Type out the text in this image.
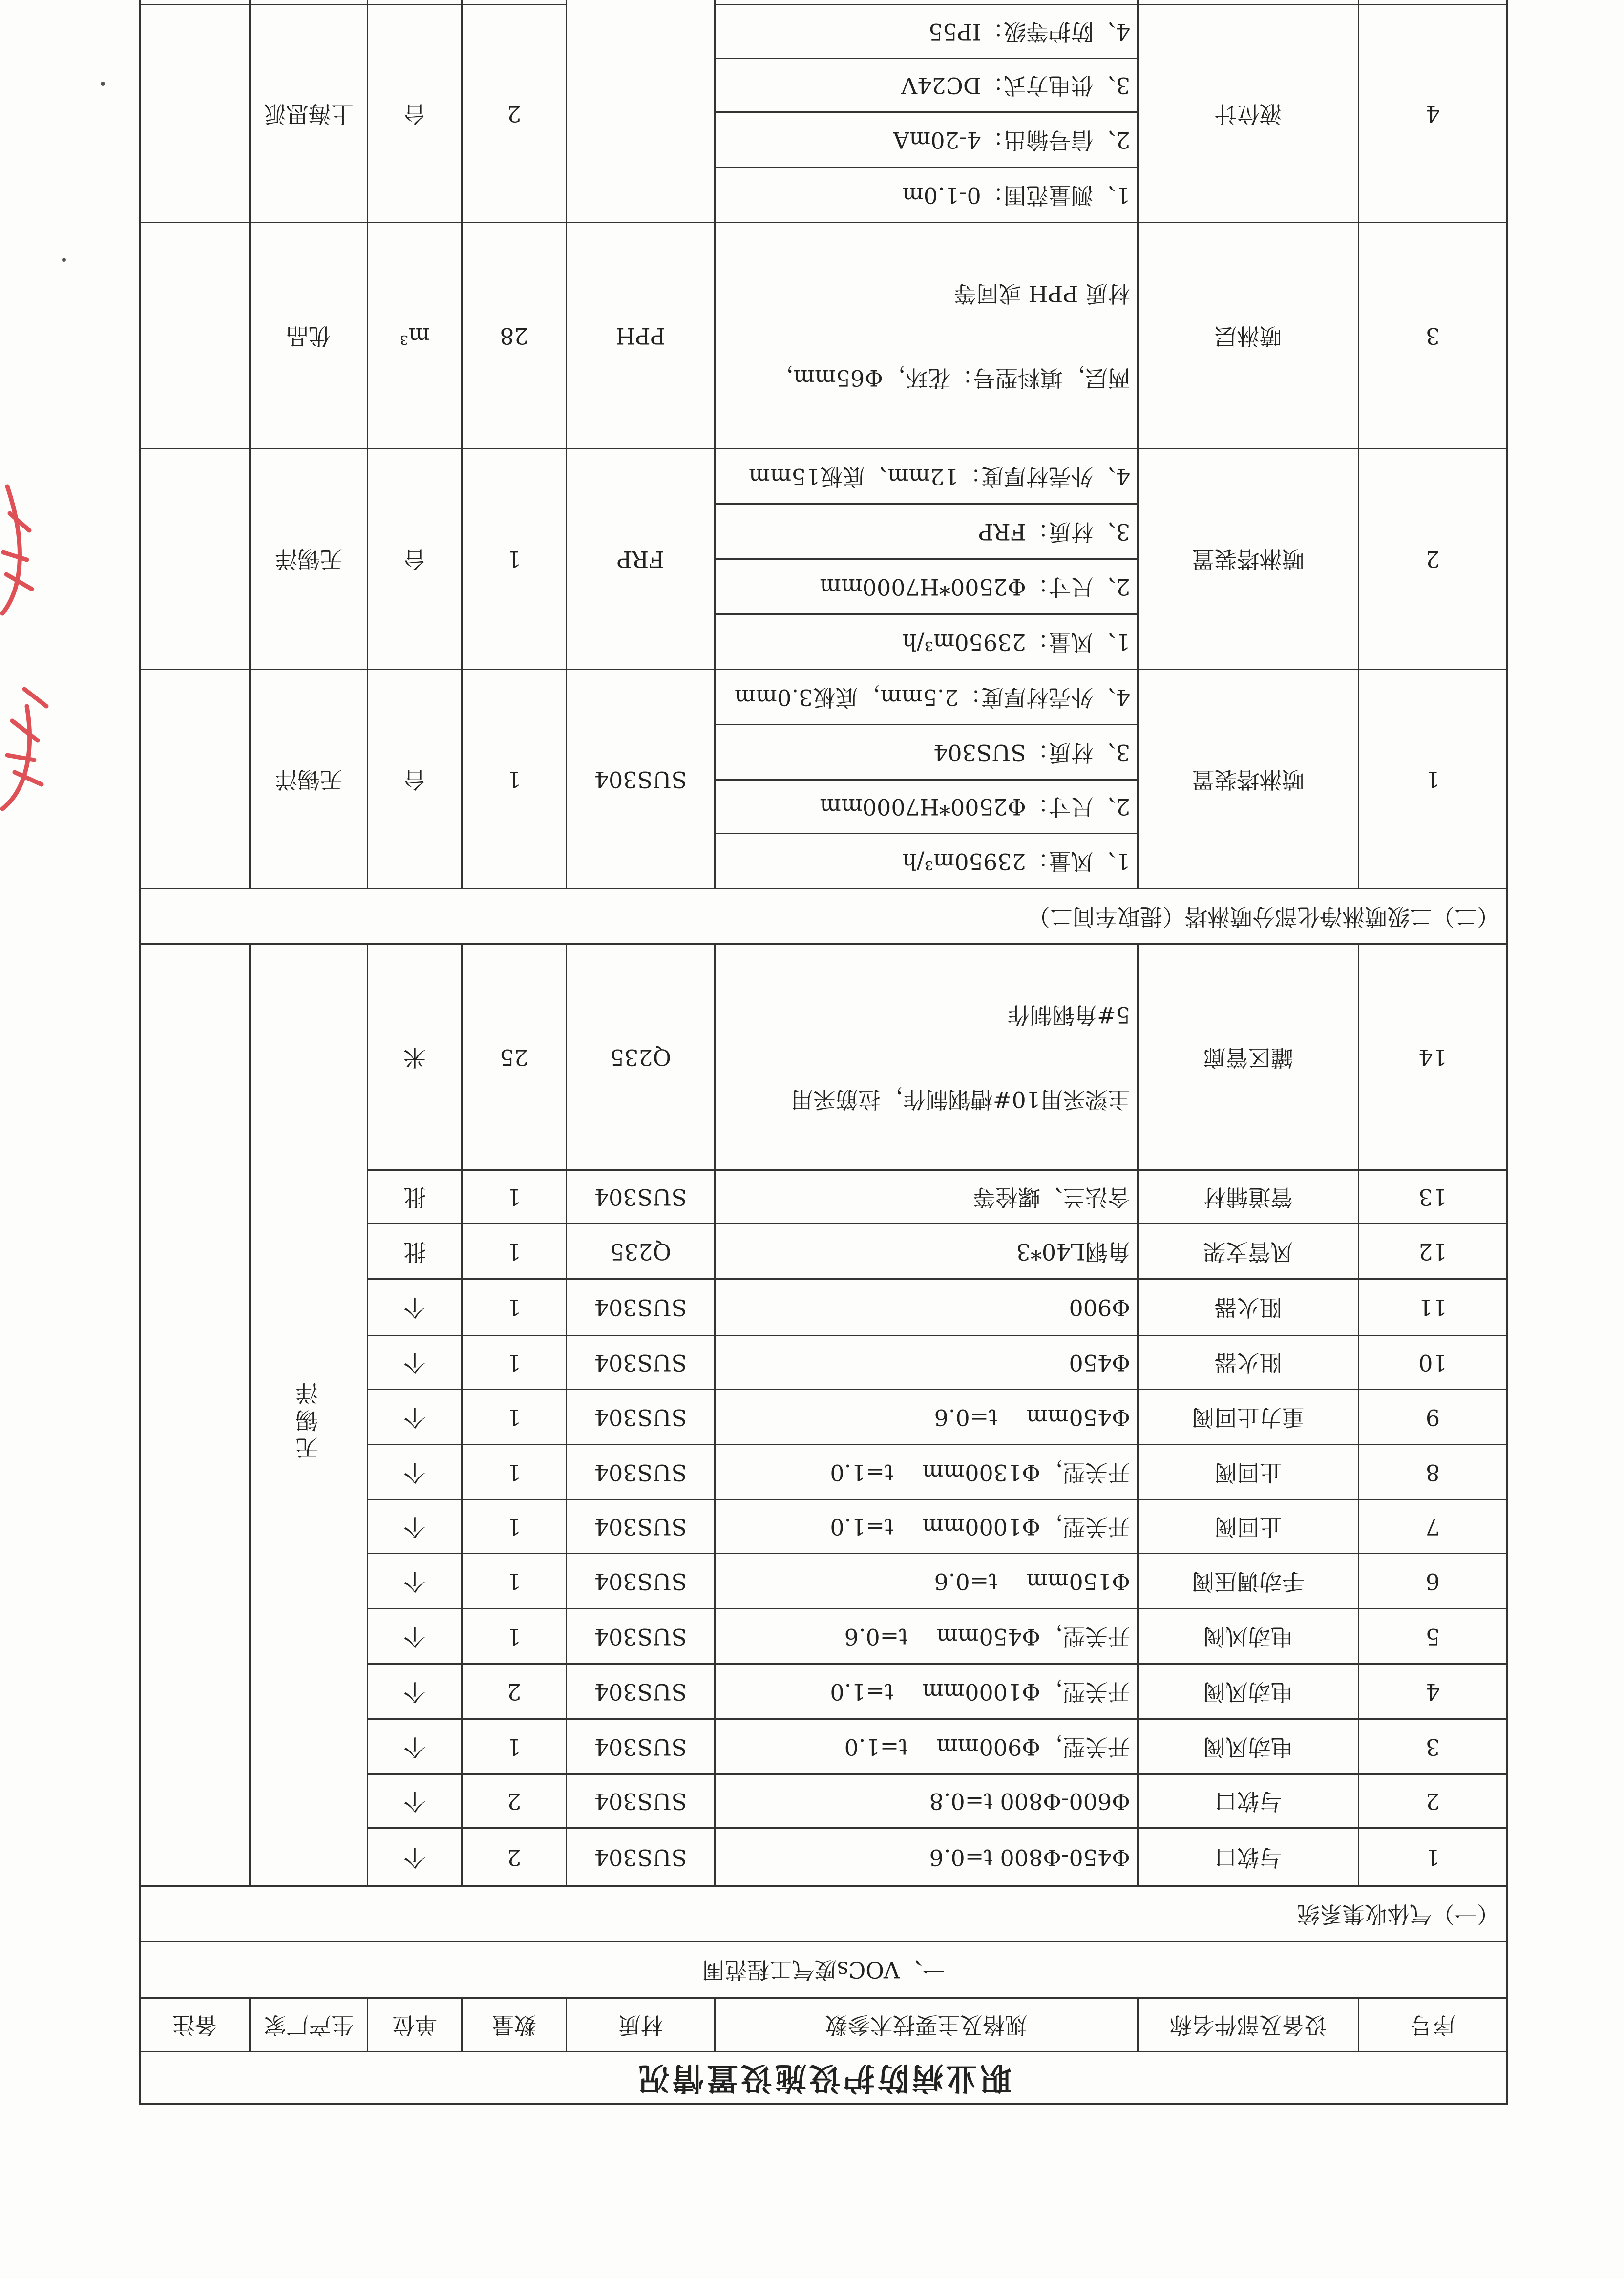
职业病防护设施设置情况							
序号	设备及部件名称	规格及主要技术参数	材质	数量	单位	生产厂家	备注
一、VOCs废气工程范围							
（一）气体收集系统							
1	与软口	Φ450-Φ800 t=0.6	SUS304	2	个	无锡洋	
2	与软口	Φ600-Φ800 t=0.8	SUS304	2	个		
3	电动风阀	开关型，Φ900mm    t=1.0	SUS304	1	个		
4	电动风阀	开关型，Φ1000mm    t=1.0	SUS304	2	个		
5	电动风阀	开关型，Φ450mm    t=0.6	SUS304	1	个		
6	手动调压阀	Φ150mm    t=0.6	SUS304	1	个		
7	止回阀	开关型，Φ1000mm    t=1.0	SUS304	1	个		
8	止回阀	开关型，Φ1300mm    t=1.0	SUS304	1	个		
9	重力止回阀	Φ450mm    t=0.6	SUS304	1	个		
10	阻火器	Φ450	SUS304	1	个		
11	阻火器	Φ900	SUS304	1	个		
12	风管支架	角钢L40*3	Q235	1	批		
13	管道辅材	含法兰、螺栓等	SUS304	1	批		
14	罐区管廊	主梁采用10#槽钢制作，拉筋采用

5#角钢制作	Q235	25	米		
（二）二级喷淋净化部分喷淋塔（提取车间二）							
1	喷淋塔装置	1、风量：23950m³/h	SUS304	1	台	无锡洋	
		2、尺寸：Φ2500*H7000mm					
		3、材质：SUS304					
		4、外壳材厚度：2.5mm，底板3.0mm					
2	喷淋塔装置	1、风量：23950m³/h	FRP	1	台	无锡洋	
		2、尺寸：Φ2500*H7000mm					
		3、材质：FRP					
		4、外壳材厚度：12mm、底板15mm					
3	喷淋层	两层，填料型号：花环，Φ65mm，

材质 PPH 或同等	PPH	28	m³	优品	
4	液位计	1、测量范围：0-1.0m		2	台	上海思派	
		2、信号输出：4-20mA					
		3、供电方式：DC24V					
		4、防护等级：IP55					
